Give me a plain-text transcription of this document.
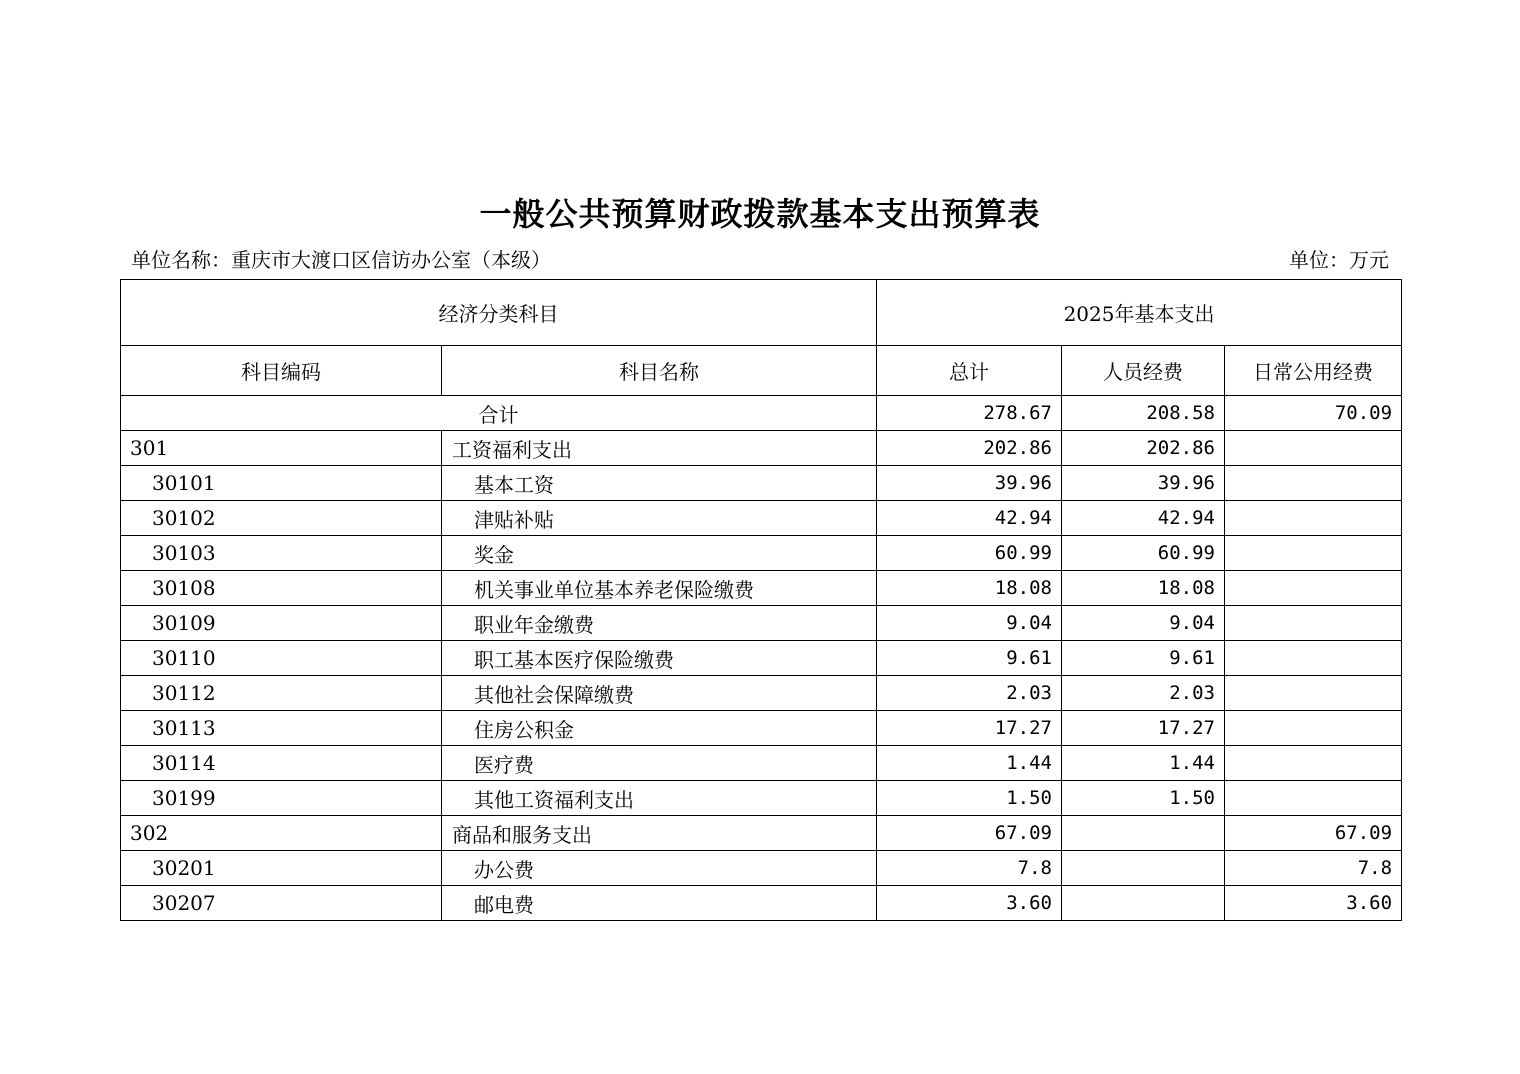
一般公共预算财政拨款基本支出预算表
单位名称：重庆市大渡口区信访办公室（本级）	单位：万元
经济分类科目		2025年基本支出		
科目编码	科目名称	总计	人员经费	日常公用经费
合计		278.67	208.58	70.09
301	工资福利支出	202.86	202.86	
30101	基本工资	39.96	39.96	
30102	津贴补贴	42.94	42.94	
30103	奖金	60.99	60.99	
30108	机关事业单位基本养老保险缴费	18.08	18.08	
30109	职业年金缴费	9.04	9.04	
30110	职工基本医疗保险缴费	9.61	9.61	
30112	其他社会保障缴费	2.03	2.03	
30113	住房公积金	17.27	17.27	
30114	医疗费	1.44	1.44	
30199	其他工资福利支出	1.50	1.50	
302	商品和服务支出	67.09		67.09
30201	办公费	7.8		7.8
30207	邮电费	3.60		3.60
